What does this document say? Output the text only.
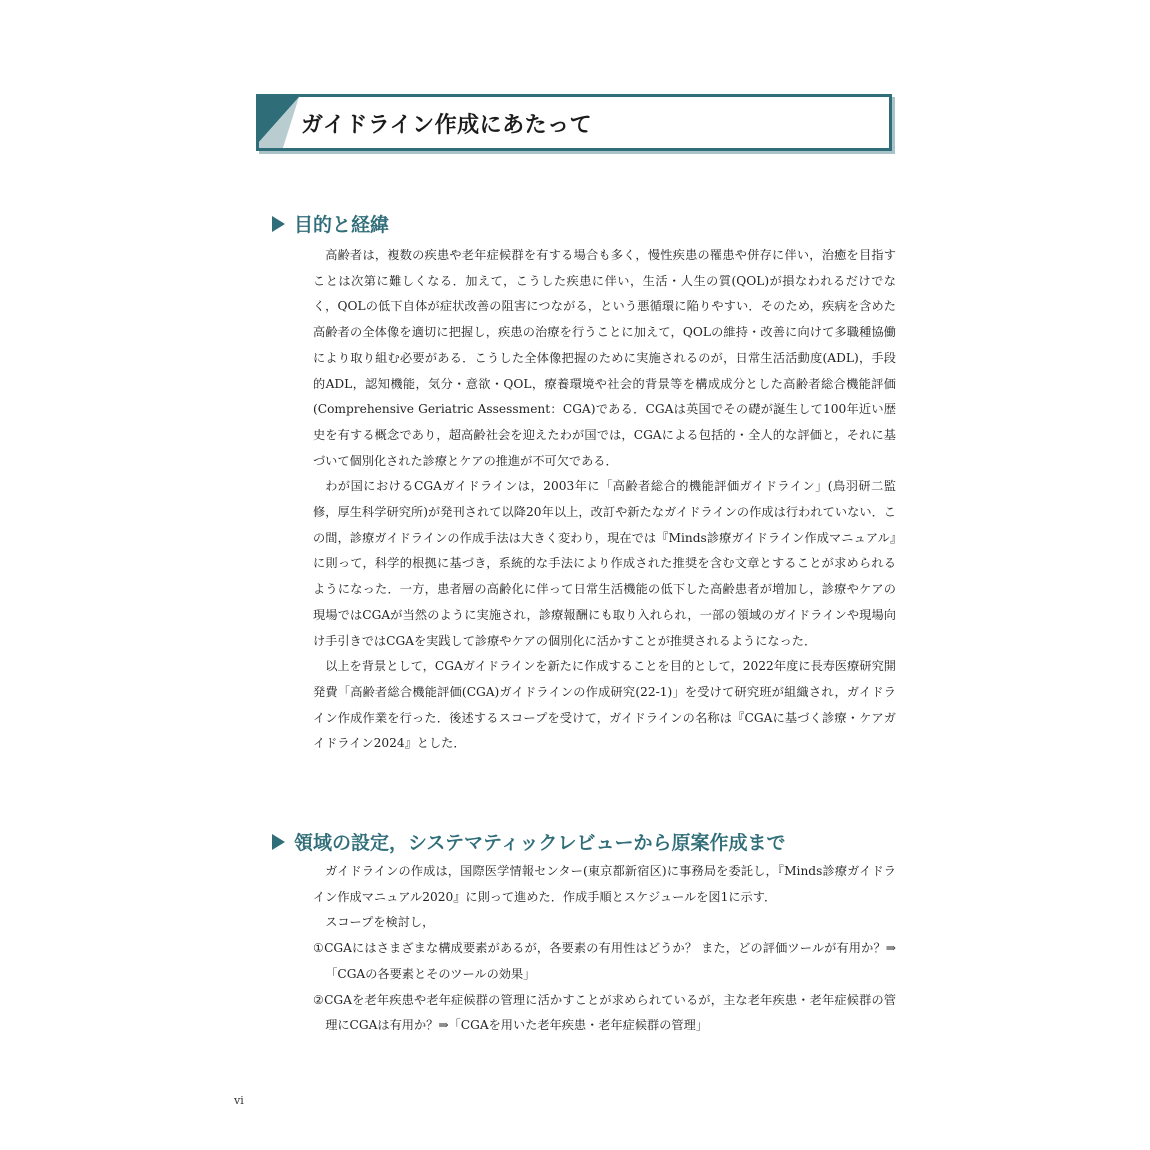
ガイドライン作成にあたって
目的と経緯

高齢者は，複数の疾患や老年症候群を有する場合も多く，慢性疾患の罹患や併存に伴い，治癒を目指すことは次第に難しくなる．加えて，こうした疾患に伴い，生活・人生の質(QOL)が損なわれるだけでなく，QOLの低下自体が症状改善の阻害につながる，という悪循環に陥りやすい．そのため，疾病を含めた高齢者の全体像を適切に把握し，疾患の治療を行うことに加えて，QOLの維持・改善に向けて多職種協働により取り組む必要がある．こうした全体像把握のために実施されるのが，日常生活活動度(ADL)，手段的ADL，認知機能，気分・意欲・QOL，療養環境や社会的背景等を構成成分とした高齢者総合機能評価(Comprehensive Geriatric Assessment：CGA)である．CGAは英国でその礎が誕生して100年近い歴史を有する概念であり，超高齢社会を迎えたわが国では，CGAによる包括的・全人的な評価と，それに基づいて個別化された診療とケアの推進が不可欠である．

わが国におけるCGAガイドラインは，2003年に「高齢者総合的機能評価ガイドライン」(鳥羽研二監修，厚生科学研究所)が発刊されて以降20年以上，改訂や新たなガイドラインの作成は行われていない．この間，診療ガイドラインの作成手法は大きく変わり，現在では『Minds診療ガイドライン作成マニュアル』に則って，科学的根拠に基づき，系統的な手法により作成された推奨を含む文章とすることが求められるようになった．一方，患者層の高齢化に伴って日常生活機能の低下した高齢患者が増加し，診療やケアの現場ではCGAが当然のように実施され，診療報酬にも取り入れられ，一部の領域のガイドラインや現場向け手引きではCGAを実践して診療やケアの個別化に活かすことが推奨されるようになった．

以上を背景として，CGAガイドラインを新たに作成することを目的として，2022年度に長寿医療研究開発費「高齢者総合機能評価(CGA)ガイドラインの作成研究(22-1)」を受けて研究班が組織され，ガイドライン作成作業を行った．後述するスコープを受けて，ガイドラインの名称は『CGAに基づく診療・ケアガイドライン2024』とした．

領域の設定，システマティックレビューから原案作成まで

ガイドラインの作成は，国際医学情報センター(東京都新宿区)に事務局を委託し，『Minds診療ガイドライン作成マニュアル2020』に則って進めた．作成手順とスケジュールを図1に示す．

スコープを検討し，

①CGAにはさまざまな構成要素があるが，各要素の有用性はどうか？ また，どの評価ツールが有用か？⇒「CGAの各要素とそのツールの効果」

②CGAを老年疾患や老年症候群の管理に活かすことが求められているが，主な老年疾患・老年症候群の管理にCGAは有用か？⇒「CGAを用いた老年疾患・老年症候群の管理」

vi
